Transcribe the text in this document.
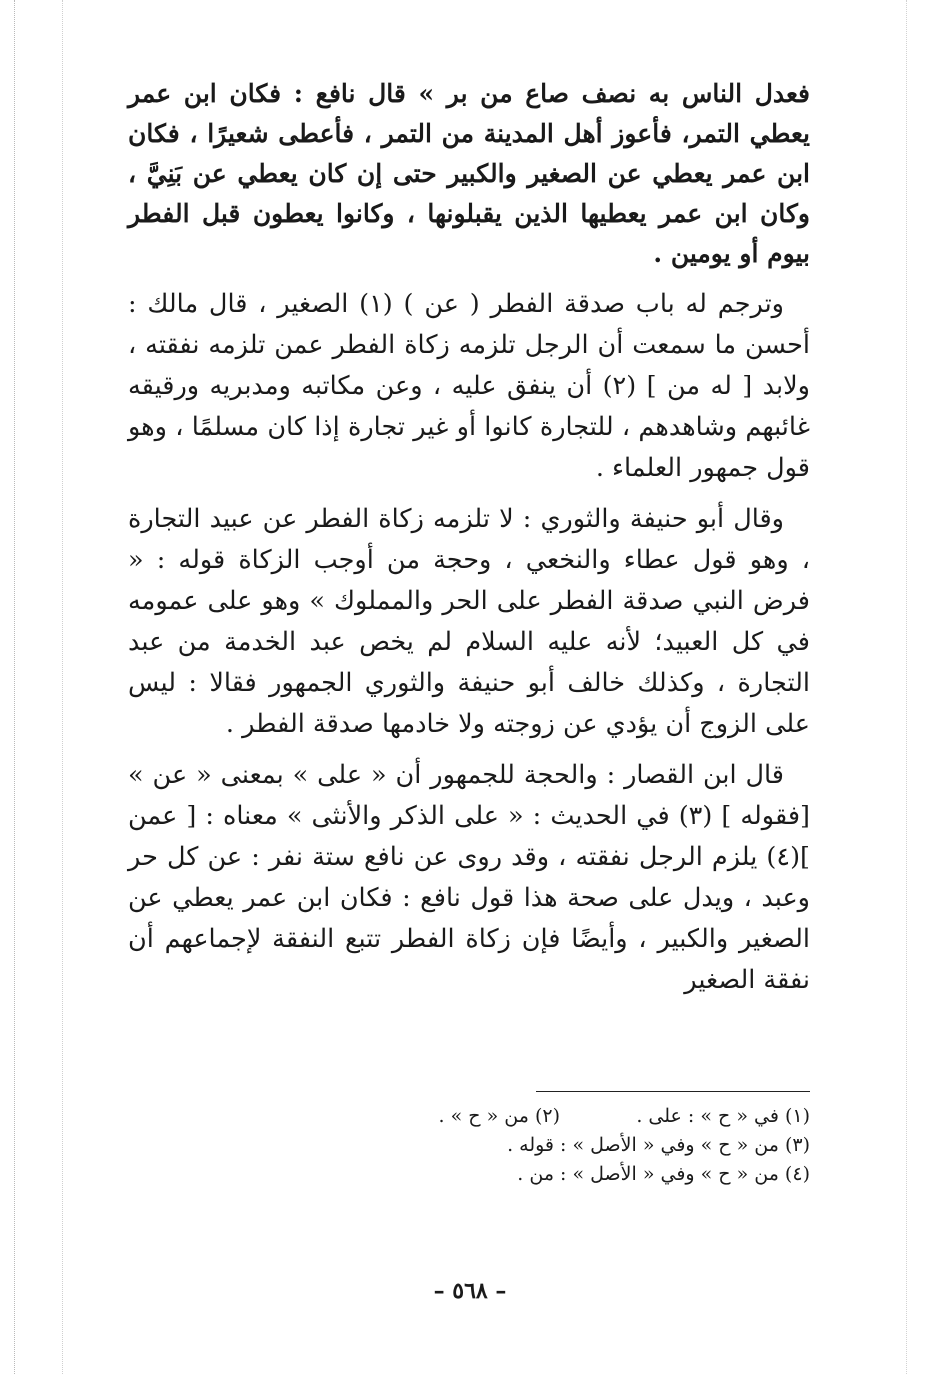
فعدل الناس به نصف صاع من بر » قال نافع : فكان ابن عمر يعطي التمر، فأعوز أهل المدينة من التمر ، فأعطى شعيرًا ، فكان ابن عمر يعطي عن الصغير والكبير حتى إن كان يعطي عن بَنِيَّ ، وكان ابن عمر يعطيها الذين يقبلونها ، وكانوا يعطون قبل الفطر بيوم أو يومين .

وترجم له باب صدقة الفطر ( عن ) (١) الصغير ، قال مالك : أحسن ما سمعت أن الرجل تلزمه زكاة الفطر عمن تلزمه نفقته ، ولابد [ له من ] (٢) أن ينفق عليه ، وعن مكاتبه ومدبريه ورقيقه غائبهم وشاهدهم ، للتجارة كانوا أو غير تجارة إذا كان مسلمًا ، وهو قول جمهور العلماء .

وقال أبو حنيفة والثوري : لا تلزمه زكاة الفطر عن عبيد التجارة ، وهو قول عطاء والنخعي ، وحجة من أوجب الزكاة قوله : « فرض النبي صدقة الفطر على الحر والمملوك » وهو على عمومه في كل العبيد؛ لأنه عليه السلام لم يخص عبد الخدمة من عبد التجارة ، وكذلك خالف أبو حنيفة والثوري الجمهور فقالا : ليس على الزوج أن يؤدي عن زوجته ولا خادمها صدقة الفطر .

قال ابن القصار : والحجة للجمهور أن « على » بمعنى « عن » [فقوله ] (٣) في الحديث : « على الذكر والأنثى » معناه : [ عمن ](٤) يلزم الرجل نفقته ، وقد روى عن نافع ستة نفر : عن كل حر وعبد ، ويدل على صحة هذا قول نافع : فكان ابن عمر يعطي عن الصغير والكبير ، وأيضًا فإن زكاة الفطر تتبع النفقة لإجماعهم أن نفقة الصغير

(١) في « ح » : على .
(٢) من « ح » .
(٣) من « ح » وفي « الأصل » : قوله .
(٤) من « ح » وفي « الأصل » : من .
– ٥٦٨ –
